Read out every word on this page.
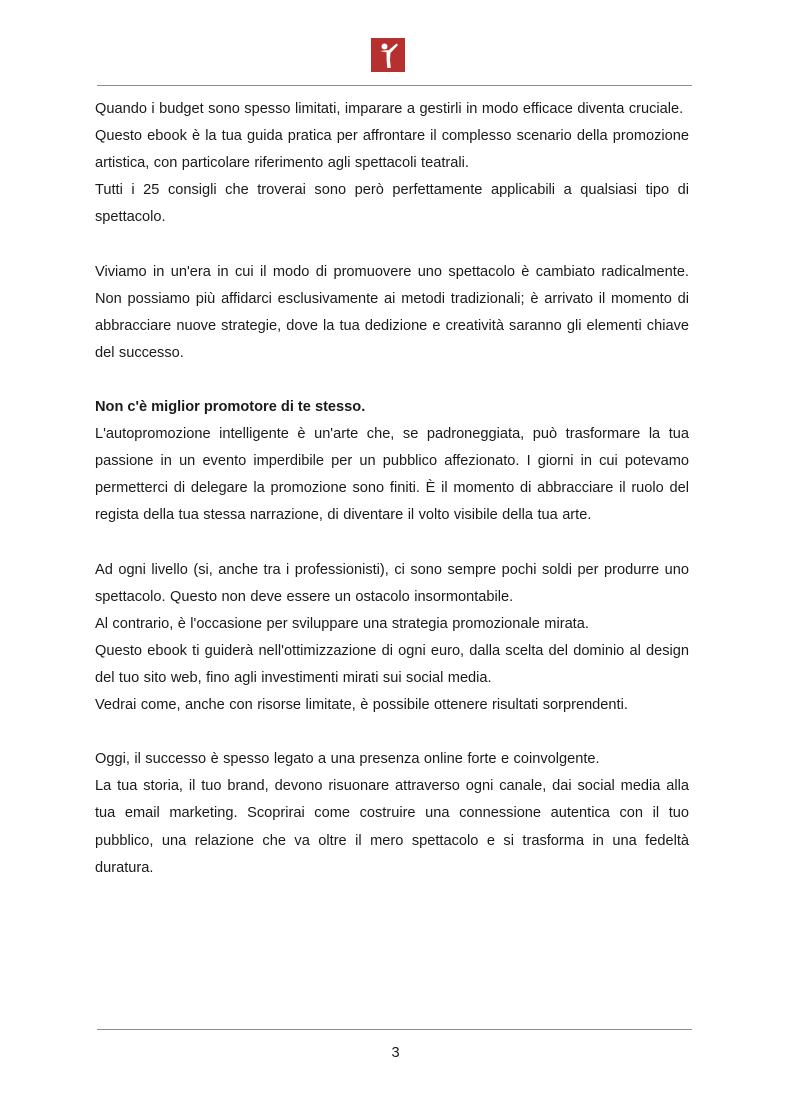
Quando i budget sono spesso limitati, imparare a gestirli in modo efficace diventa cruciale.

Questo ebook è la tua guida pratica per affrontare il complesso scenario della promozione artistica, con particolare riferimento agli spettacoli teatrali.

Tutti i 25 consigli che troverai sono però perfettamente applicabili a qualsiasi tipo di spettacolo.

Viviamo in un'era in cui il modo di promuovere uno spettacolo è cambiato radicalmente. Non possiamo più affidarci esclusivamente ai metodi tradizionali; è arrivato il momento di abbracciare nuove strategie, dove la tua dedizione e creatività saranno gli elementi chiave del successo.

Non c'è miglior promotore di te stesso.

L'autopromozione intelligente è un'arte che, se padroneggiata, può trasformare la tua passione in un evento imperdibile per un pubblico affezionato. I giorni in cui potevamo permetterci di delegare la promozione sono finiti. È il momento di abbracciare il ruolo del regista della tua stessa narrazione, di diventare il volto visibile della tua arte.

Ad ogni livello (si, anche tra i professionisti), ci sono sempre pochi soldi per produrre uno spettacolo. Questo non deve essere un ostacolo insormontabile.

Al contrario, è l'occasione per sviluppare una strategia promozionale mirata.

Questo ebook ti guiderà nell'ottimizzazione di ogni euro, dalla scelta del dominio al design del tuo sito web, fino agli investimenti mirati sui social media.

Vedrai come, anche con risorse limitate, è possibile ottenere risultati sorprendenti.

Oggi, il successo è spesso legato a una presenza online forte e coinvolgente.

La tua storia, il tuo brand, devono risuonare attraverso ogni canale, dai social media alla tua email marketing. Scoprirai come costruire una connessione autentica con il tuo pubblico, una relazione che va oltre il mero spettacolo e si trasforma in una fedeltà duratura.

3
